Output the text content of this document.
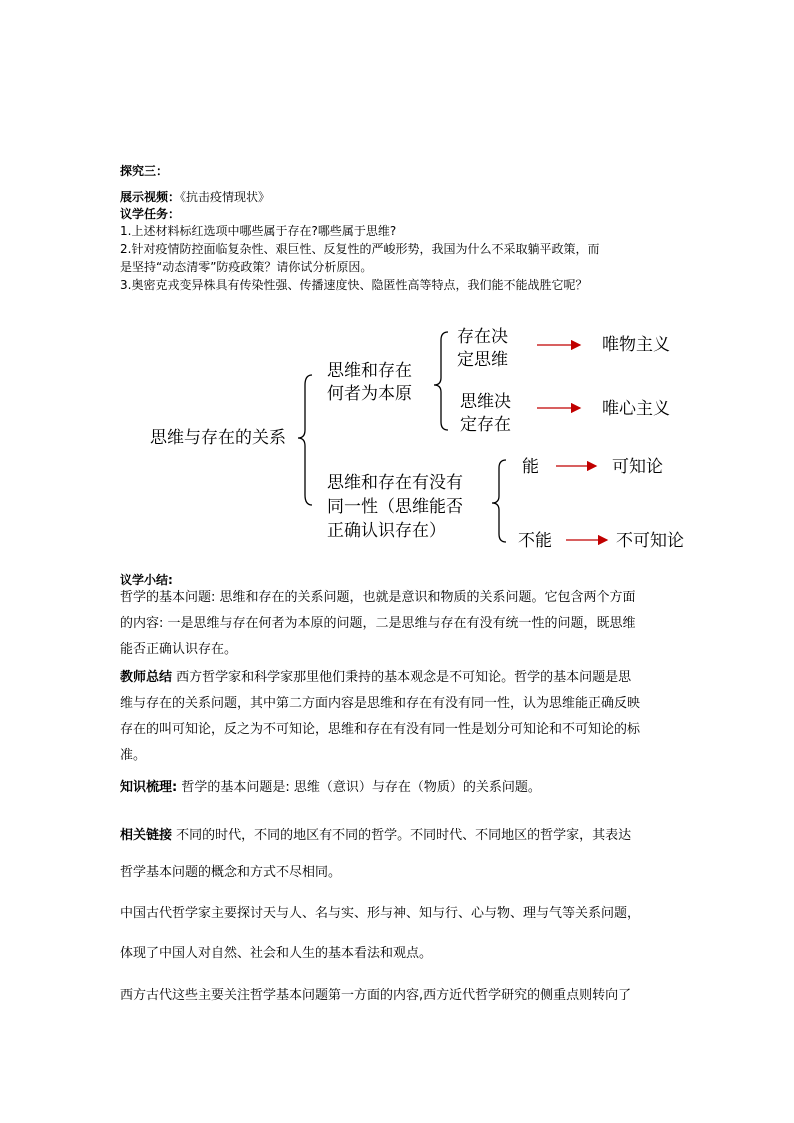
探究三：
展示视频：《抗击疫情现状》
议学任务：
1.上述材料标红选项中哪些属于存在?哪些属于思维?
2.针对疫情防控面临复杂性、艰巨性、反复性的严峻形势，我国为什么不采取躺平政策，而
是坚持“动态清零”防疫政策？请你试分析原因。
3.奥密克戎变异株具有传染性强、传播速度快、隐匿性高等特点，我们能不能战胜它呢？
思维与存在的关系
思维和存在
何者为本原
存在决
定思维
唯物主义
思维决
定存在
唯心主义
思维和存在有没有
同一性（思维能否
正确认识存在）
能	可知论
不能	不可知论
议学小结:
哲学的基本问题: 思维和存在的关系问题，也就是意识和物质的关系问题。它包含两个方面
的内容: 一是思维与存在何者为本原的问题，二是思维与存在有没有统一性的问题，既思维
能否正确认识存在。
教师总结 西方哲学家和科学家那里他们秉持的基本观念是不可知论。哲学的基本问题是思
维与存在的关系问题，其中第二方面内容是思维和存在有没有同一性，认为思维能正确反映
存在的叫可知论，反之为不可知论，思维和存在有没有同一性是划分可知论和不可知论的标
准。
知识梳理: 哲学的基本问题是: 思维（意识）与存在（物质）的关系问题。
相关链接 不同的时代，不同的地区有不同的哲学。不同时代、不同地区的哲学家，其表达
哲学基本问题的概念和方式不尽相同。
中国古代哲学家主要探讨天与人、名与实、形与神、知与行、心与物、理与气等关系问题，
体现了中国人对自然、社会和人生的基本看法和观点。
西方古代这些主要关注哲学基本问题第一方面的内容,西方近代哲学研究的侧重点则转向了
